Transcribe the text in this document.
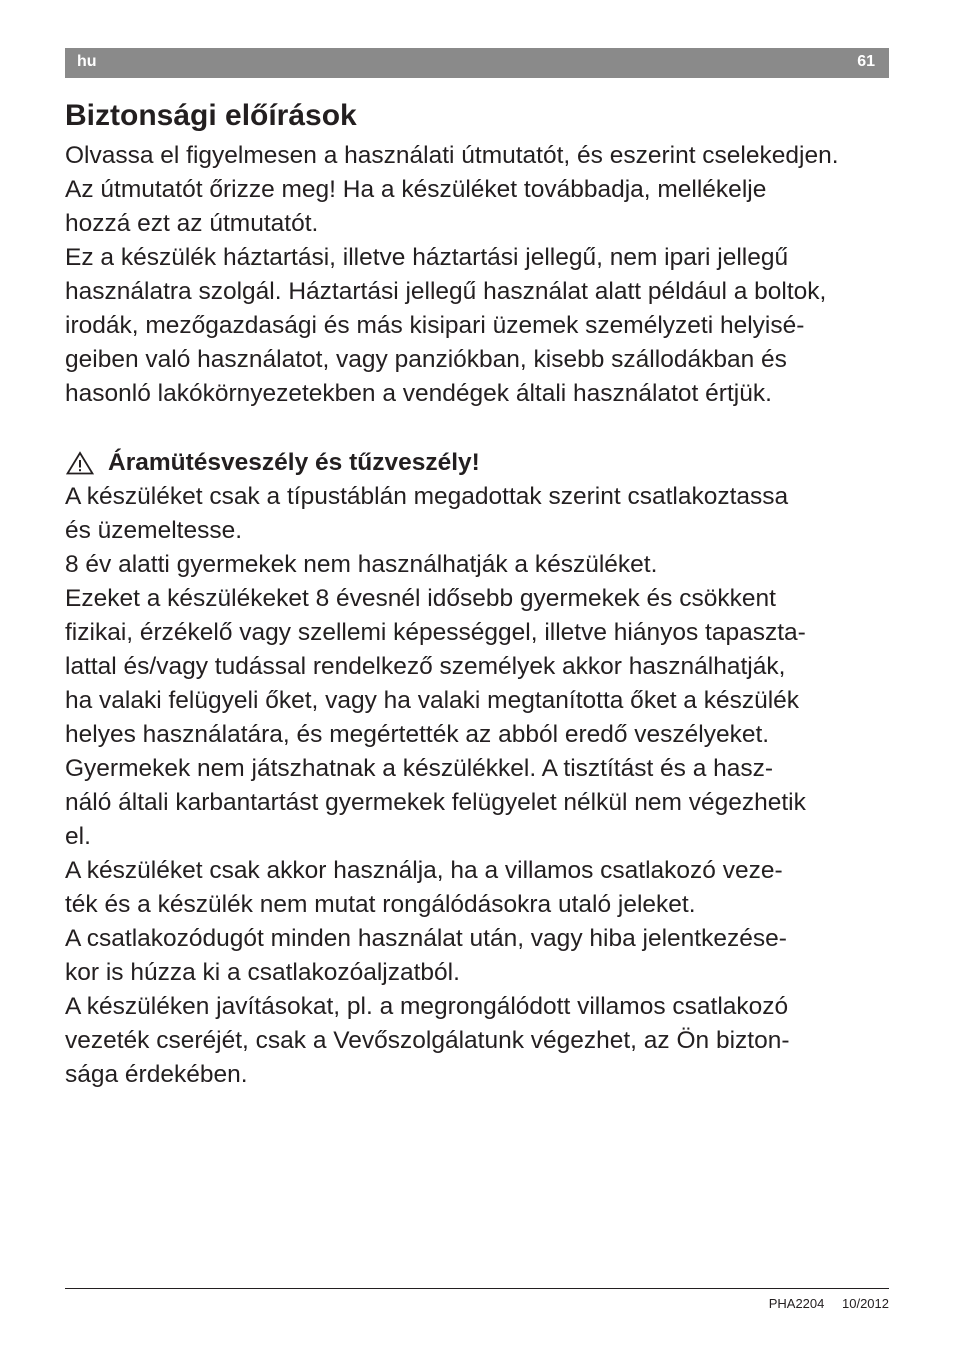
hu	61
Biztonsági előírások
Olvassa el figyelmesen a használati útmutatót, és eszerint cselekedjen.
Az útmutatót őrizze meg! Ha a készüléket továbbadja, mellékelje
hozzá ezt az útmutatót.
Ez a készülék háztartási, illetve háztartási jellegű, nem ipari jellegű
használatra szolgál. Háztartási jellegű használat alatt például a boltok,
irodák, mezőgazdasági és más kisipari üzemek személyzeti helyisé-
geiben való használatot, vagy panziókban, kisebb szállodákban és
hasonló lakókörnyezetekben a vendégek általi használatot értjük.
Áramütésveszély és tűzveszély!
A készüléket csak a típustáblán megadottak szerint csatlakoztassa
és üzemeltesse.
8 év alatti gyermekek nem használhatják a készüléket.
Ezeket a készülékeket 8 évesnél idősebb gyermekek és csökkent
fizikai, érzékelő vagy szellemi képességgel, illetve hiányos tapaszta-
lattal és/vagy tudással rendelkező személyek akkor használhatják,
ha valaki felügyeli őket, vagy ha valaki megtanította őket a készülék
helyes használatára, és megértették az abból eredő veszélyeket.
Gyermekek nem játszhatnak a készülékkel. A tisztítást és a hasz-
náló általi karbantartást gyermekek felügyelet nélkül nem végezhetik
el.
A készüléket csak akkor használja, ha a villamos csatlakozó veze-
ték és a készülék nem mutat rongálódásokra utaló jeleket.
A csatlakozódugót minden használat után, vagy hiba jelentkezése-
kor is húzza ki a csatlakozóaljzatból.
A készüléken javításokat, pl. a megrongálódott villamos csatlakozó
vezeték cseréjét, csak a Vevőszolgálatunk végezhet, az Ön bizton-
sága érdekében.
PHA2204 10/2012
